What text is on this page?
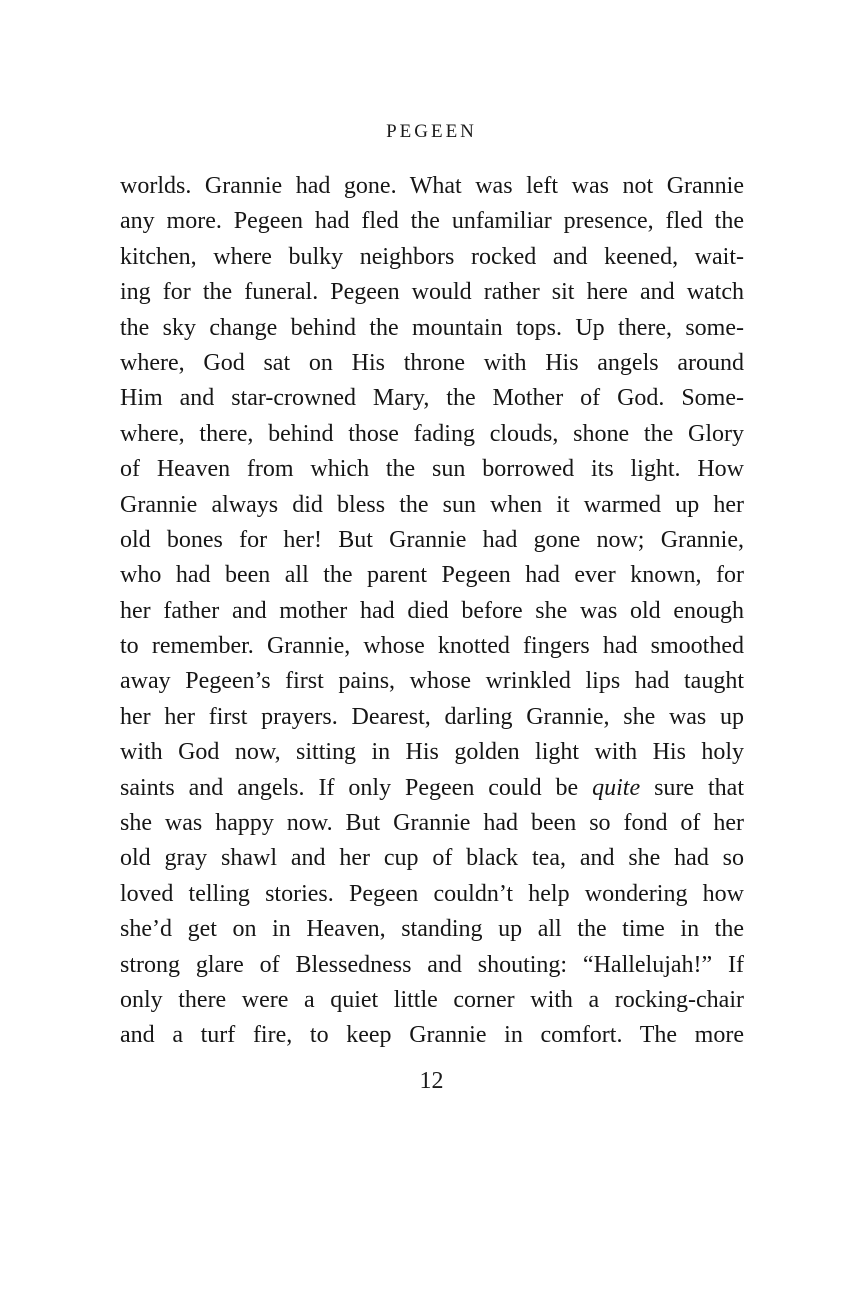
PEGEEN
worlds. Grannie had gone. What was left was not Grannie
any more. Pegeen had fled the unfamiliar presence, fled the
kitchen, where bulky neighbors rocked and keened, wait-
ing for the funeral. Pegeen would rather sit here and watch
the sky change behind the mountain tops. Up there, some-
where, God sat on His throne with His angels around
Him and star-crowned Mary, the Mother of God. Some-
where, there, behind those fading clouds, shone the Glory
of Heaven from which the sun borrowed its light. How
Grannie always did bless the sun when it warmed up her
old bones for her! But Grannie had gone now; Grannie,
who had been all the parent Pegeen had ever known, for
her father and mother had died before she was old enough
to remember. Grannie, whose knotted fingers had smoothed
away Pegeen’s first pains, whose wrinkled lips had taught
her her first prayers. Dearest, darling Grannie, she was up
with God now, sitting in His golden light with His holy
saints and angels. If only Pegeen could be quite sure that
she was happy now. But Grannie had been so fond of her
old gray shawl and her cup of black tea, and she had so
loved telling stories. Pegeen couldn’t help wondering how
she’d get on in Heaven, standing up all the time in the
strong glare of Blessedness and shouting: “Hallelujah!” If
only there were a quiet little corner with a rocking-chair
and a turf fire, to keep Grannie in comfort. The more
12
